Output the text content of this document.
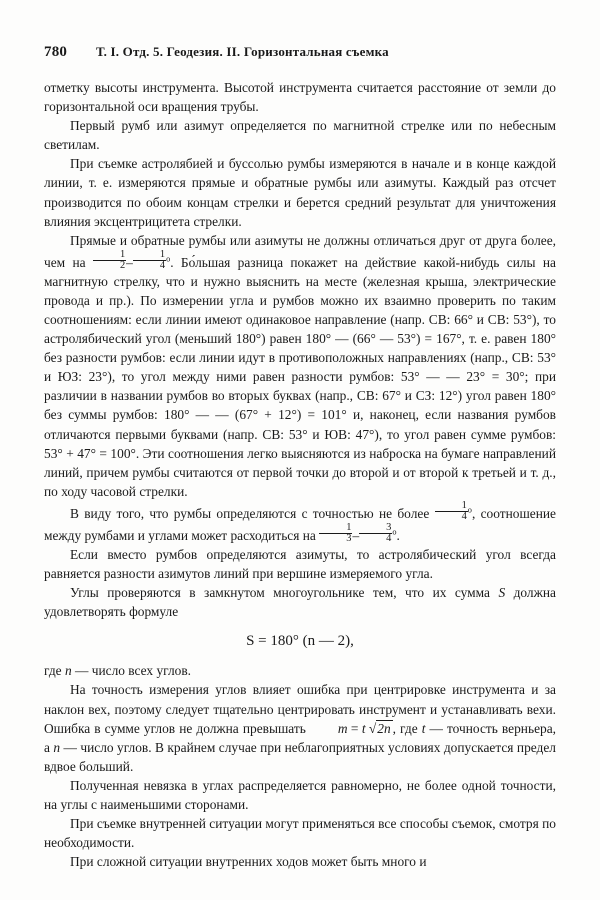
780 Т. I. Отд. 5. Геодезия. II. Горизонтальная съемка

отметку высоты инструмента. Высотой инструмента считается расстояние от земли до горизонтальной оси вращения трубы.

Первый румб или азимут определяется по магнитной стрелке или по небесным светилам.

При съемке астролябией и буссолью румбы измеряются в начале и в конце каждой линии, т. е. измеряются прямые и обратные румбы или азимуты. Каждый раз отсчет производится по обоим концам стрелки и берется средний результат для уничтожения влияния эксцентрицитета стрелки.

Прямые и обратные румбы или азимуты не должны отличаться друг от друга более, чем на $\frac{1}{2} - \frac{1}{4} ^о$. Бо́льшая разница покажет на действие какой-нибудь силы на магнитную стрелку, что и нужно выяснить на месте (железная крыша, электрические провода и пр.). По измерении угла и румбов можно их взаимно проверить по таким соотношениям: если линии имеют одинаковое направление (напр. СВ: 66° и СВ: 53°), то астролябический угол (меньший 180°) равен 180° — (66° — 53°) = 167°, т. е. равен 180° без разности румбов: если линии идут в противоположных направлениях (напр., СВ: 53° и ЮЗ: 23°), то угол между ними равен разности румбов: 53° — — 23° = 30°; при различии в названии румбов во вторых буквах (напр., СВ: 67° и СЗ: 12°) угол равен 180° без суммы румбов: 180° — — (67° + 12°) = 101° и, наконец, если названия румбов отличаются первыми буквами (напр. СВ: 53° и ЮВ: 47°), то угол равен сумме румбов: 53° + 47° = 100°. Эти соотношения легко выясняются из наброска на бумаге направлений линий, причем румбы считаются от первой точки до второй и от второй к третьей и т. д., по ходу часовой стрелки.

В виду того, что румбы определяются с точностью не более $\frac{1}{4} ^о$, соотношение между румбами и углами может расходиться на $\frac{1}{3} - \frac{3}{4} ^о$.

Если вместо румбов определяются азимуты, то астролябический угол всегда равняется разности азимутов линий при вершине измеряемого угла.

Углы проверяются в замкнутом многоугольнике тем, что их сумма S должна удовлетворять формуле

S = 180° (n — 2),

где n — число всех углов.

На точность измерения углов влияет ошибка при центрировке инструмента и за наклон вех, поэтому следует тщательно центрировать инструмент и устанавливать вехи. Ошибка в сумме углов не должна превышать m = t √2n , где t — точность верньера, а n — число углов. В крайнем случае при неблагоприятных условиях допускается предел вдвое больший.

Полученная невязка в углах распределяется равномерно, не более одной точности, на углы с наименьшими сторонами.

При съемке внутренней ситуации могут применяться все способы съемок, смотря по необходимости.

При сложной ситуации внутренних ходов может быть много и
